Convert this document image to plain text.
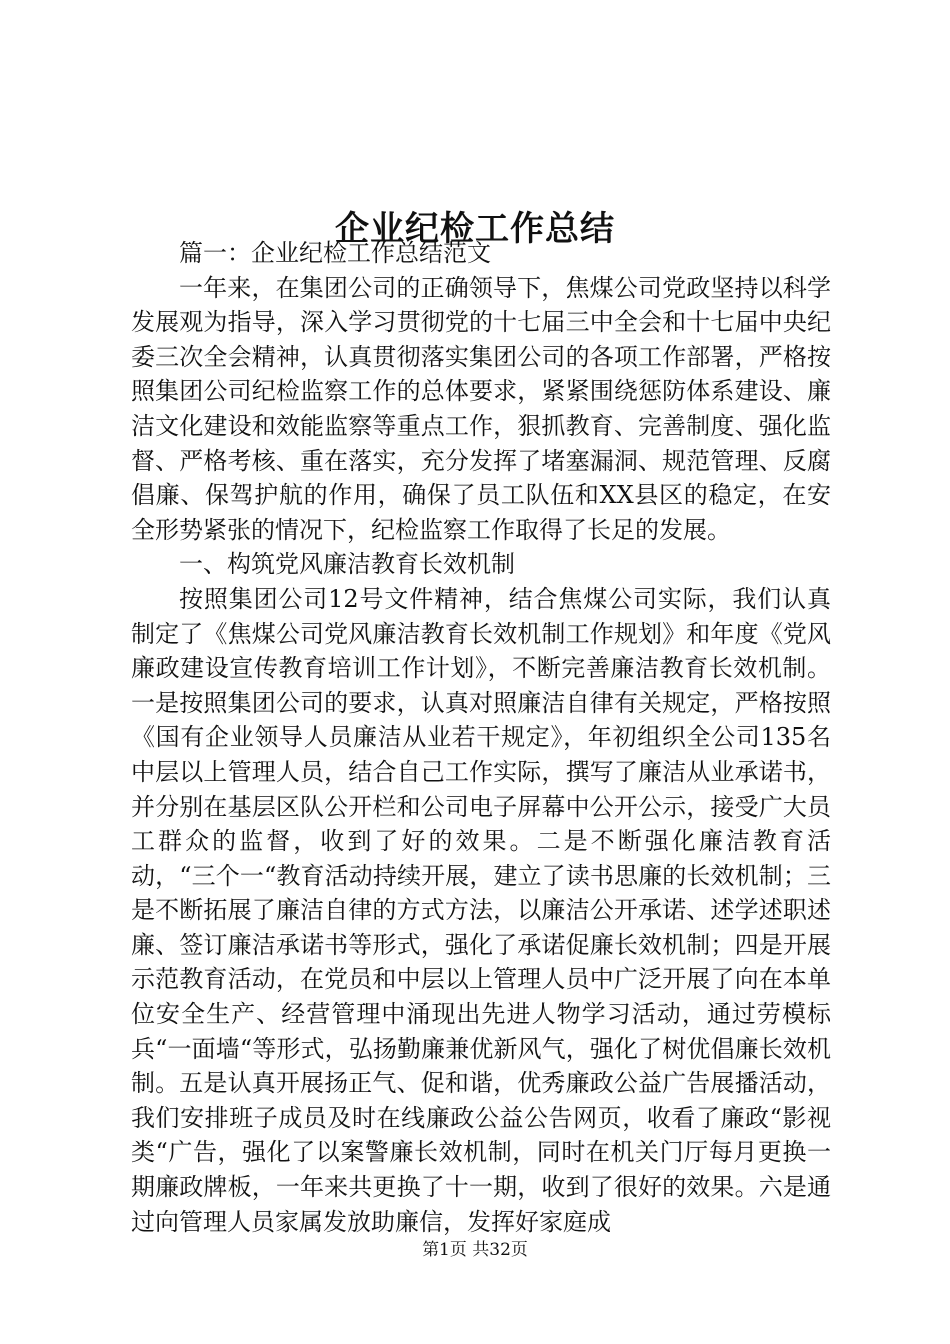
企业纪检工作总结

篇一：企业纪检工作总结范文

一年来，在集团公司的正确领导下，焦煤公司党政坚持以科学发展观为指导，深入学习贯彻党的十七届三中全会和十七届中央纪委三次全会精神，认真贯彻落实集团公司的各项工作部署，严格按照集团公司纪检监察工作的总体要求，紧紧围绕惩防体系建设、廉洁文化建设和效能监察等重点工作，狠抓教育、完善制度、强化监督、严格考核、重在落实，充分发挥了堵塞漏洞、规范管理、反腐倡廉、保驾护航的作用，确保了员工队伍和XX县区的稳定，在安全形势紧张的情况下，纪检监察工作取得了长足的发展。

一、构筑党风廉洁教育长效机制

按照集团公司12号文件精神，结合焦煤公司实际，我们认真制定了《焦煤公司党风廉洁教育长效机制工作规划》和年度《党风廉政建设宣传教育培训工作计划》，不断完善廉洁教育长效机制。一是按照集团公司的要求，认真对照廉洁自律有关规定，严格按照《国有企业领导人员廉洁从业若干规定》，年初组织全公司135名中层以上管理人员，结合自己工作实际，撰写了廉洁从业承诺书，并分别在基层区队公开栏和公司电子屏幕中公开公示，接受广大员工群众的监督，收到了好的效果。二是不断强化廉洁教育活动，“三个一“教育活动持续开展，建立了读书思廉的长效机制；三是不断拓展了廉洁自律的方式方法，以廉洁公开承诺、述学述职述廉、签订廉洁承诺书等形式，强化了承诺促廉长效机制；四是开展示范教育活动，在党员和中层以上管理人员中广泛开展了向在本单位安全生产、经营管理中涌现出先进人物学习活动，通过劳模标兵“一面墙“等形式，弘扬勤廉兼优新风气，强化了树优倡廉长效机制。五是认真开展扬正气、促和谐，优秀廉政公益广告展播活动，我们安排班子成员及时在线廉政公益公告网页，收看了廉政“影视类“广告，强化了以案警廉长效机制，同时在机关门厅每月更换一期廉政牌板，一年来共更换了十一期，收到了很好的效果。六是通过向管理人员家属发放助廉信，发挥好家庭成

第1页 共32页
